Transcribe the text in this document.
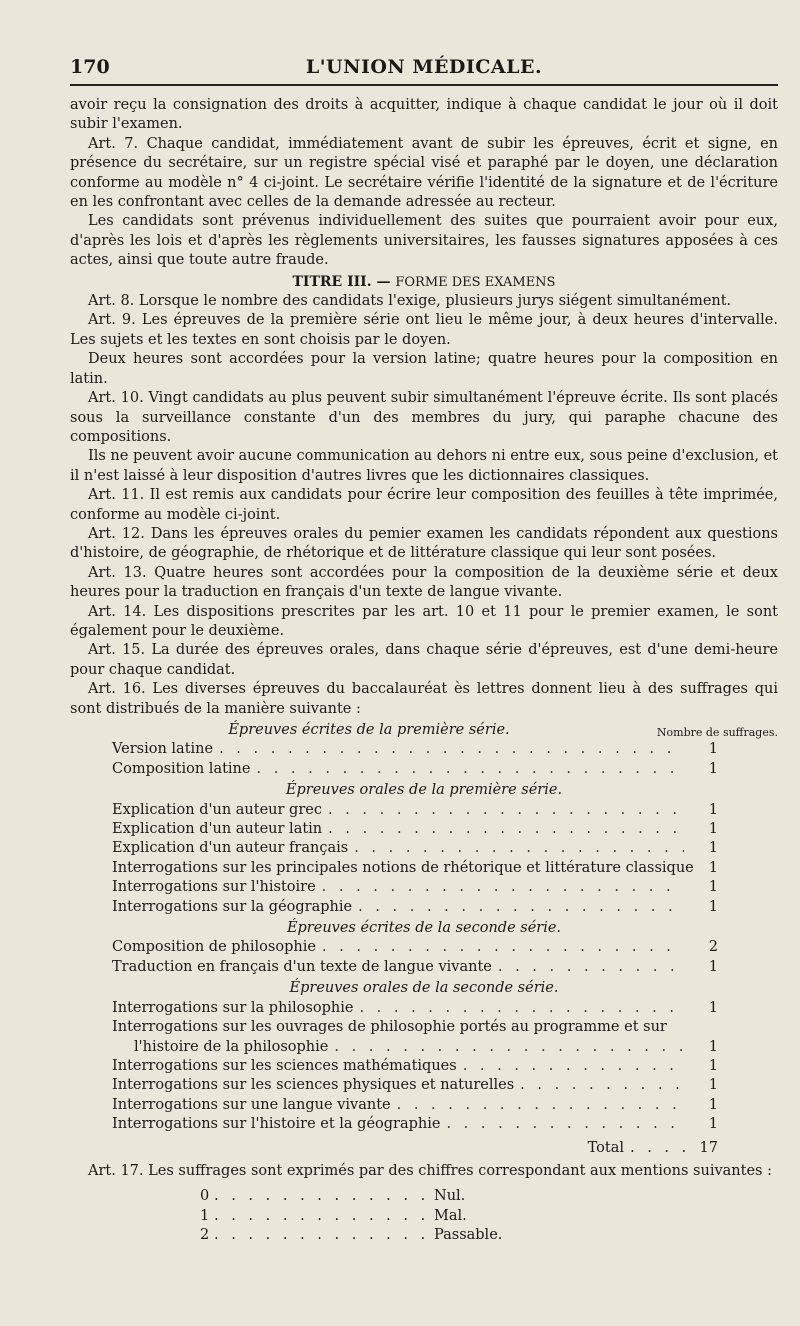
170	L'UNION MÉDICALE.

avoir reçu la consignation des droits à acquitter, indique à chaque candidat le jour où il doit subir l'examen.

Art. 7. Chaque candidat, immédiatement avant de subir les épreuves, écrit et signe, en présence du secrétaire, sur un registre spécial visé et paraphé par le doyen, une déclaration conforme au modèle n° 4 ci-joint. Le secrétaire vérifie l'identité de la signature et de l'écriture en les confrontant avec celles de la demande adressée au recteur.

Les candidats sont prévenus individuellement des suites que pourraient avoir pour eux, d'après les lois et d'après les règlements universitaires, les fausses signatures apposées à ces actes, ainsi que toute autre fraude.

TITRE III. — FORME DES EXAMENS

Art. 8. Lorsque le nombre des candidats l'exige, plusieurs jurys siégent simultanément.

Art. 9. Les épreuves de la première série ont lieu le même jour, à deux heures d'intervalle. Les sujets et les textes en sont choisis par le doyen.

Deux heures sont accordées pour la version latine; quatre heures pour la composition en latin.

Art. 10. Vingt candidats au plus peuvent subir simultanément l'épreuve écrite. Ils sont placés sous la surveillance constante d'un des membres du jury, qui paraphe chacune des compositions.

Ils ne peuvent avoir aucune communication au dehors ni entre eux, sous peine d'exclusion, et il n'est laissé à leur disposition d'autres livres que les dictionnaires classiques.

Art. 11. Il est remis aux candidats pour écrire leur composition des feuilles à tête imprimée, conforme au modèle ci-joint.

Art. 12. Dans les épreuves orales du pemier examen les candidats répondent aux questions d'histoire, de géographie, de rhétorique et de littérature classique qui leur sont posées.

Art. 13. Quatre heures sont accordées pour la composition de la deuxième série et deux heures pour la traduction en français d'un texte de langue vivante.

Art. 14. Les dispositions prescrites par les art. 10 et 11 pour le premier examen, le sont également pour le deuxième.

Art. 15. La durée des épreuves orales, dans chaque série d'épreuves, est d'une demi-heure pour chaque candidat.

Art. 16. Les diverses épreuves du baccalauréat ès lettres donnent lieu à des suffrages qui sont distribués de la manière suivante :

Épreuves écrites de la première série.	Nombre de suffrages.
Version latine . . .	1
Composition latine . . .	1
Épreuves orales de la première série.
Explication d'un auteur grec . . .	1
Explication d'un auteur latin . . .	1
Explication d'un auteur français . . .	1
Interrogations sur les principales notions de rhétorique et littérature classique 1
Interrogations sur l'histoire . . .	1
Interrogations sur la géographie . . .	1
Épreuves écrites de la seconde série.
Composition de philosophie . . .	2
Traduction en français d'un texte de langue vivante . . .	1
Épreuves orales de la seconde série.
Interrogations sur la philosophie . . .	1
Interrogations sur les ouvrages de philosophie portés au programme et sur
l'histoire de la philosophie . . .	1
Interrogations sur les sciences mathématiques . . .	1
Interrogations sur les sciences physiques et naturelles . . .	1
Interrogations sur une langue vivante . . .	1
Interrogations sur l'histoire et la géographie . . .	1
Total . . .	17

Art. 17. Les suffrages sont exprimés par des chiffres correspondant aux mentions suivantes :

0 . . .	Nul.
1 . . .	Mal.
2 . . .	Passable.
